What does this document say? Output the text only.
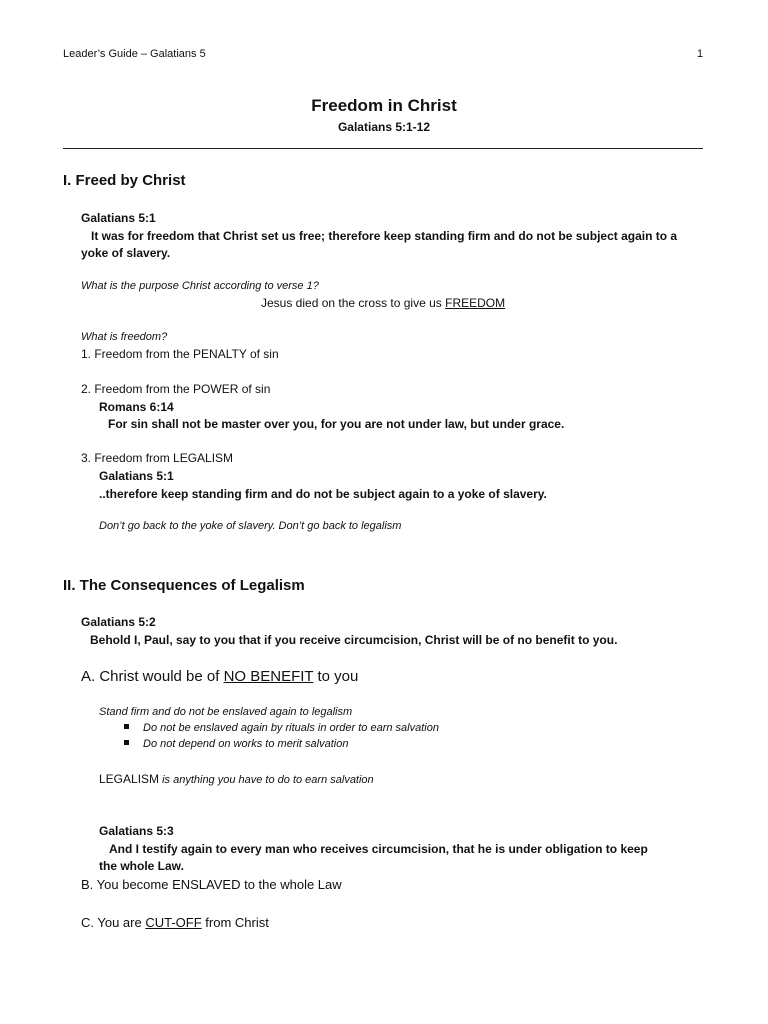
Leader’s Guide – Galatians 5	1
Freedom in Christ
Galatians 5:1-12
I. Freed by Christ
Galatians 5:1
It was for freedom that Christ set us free; therefore keep standing firm and do not be subject again to a yoke of slavery.
What is the purpose Christ according to verse 1?
Jesus died on the cross to give us FREEDOM
What is freedom?
1. Freedom from the PENALTY of sin
2. Freedom from the POWER of sin
Romans 6:14
For sin shall not be master over you, for you are not under law, but under grace.
3. Freedom from LEGALISM
Galatians 5:1
..therefore keep standing firm and do not be subject again to a yoke of slavery.
Don’t go back to the yoke of slavery. Don’t go back to legalism
II. The Consequences of Legalism
Galatians 5:2
Behold I, Paul, say to you that if you receive circumcision, Christ will be of no benefit to you.
A. Christ would be of NO BENEFIT to you
Stand firm and do not be enslaved again to legalism
Do not be enslaved again by rituals in order to earn salvation
Do not depend on works to merit salvation
LEGALISM is anything you have to do to earn salvation
Galatians 5:3
And I testify again to every man who receives circumcision, that he is under obligation to keep the whole Law.
B. You become ENSLAVED to the whole Law
C. You are CUT-OFF from Christ
